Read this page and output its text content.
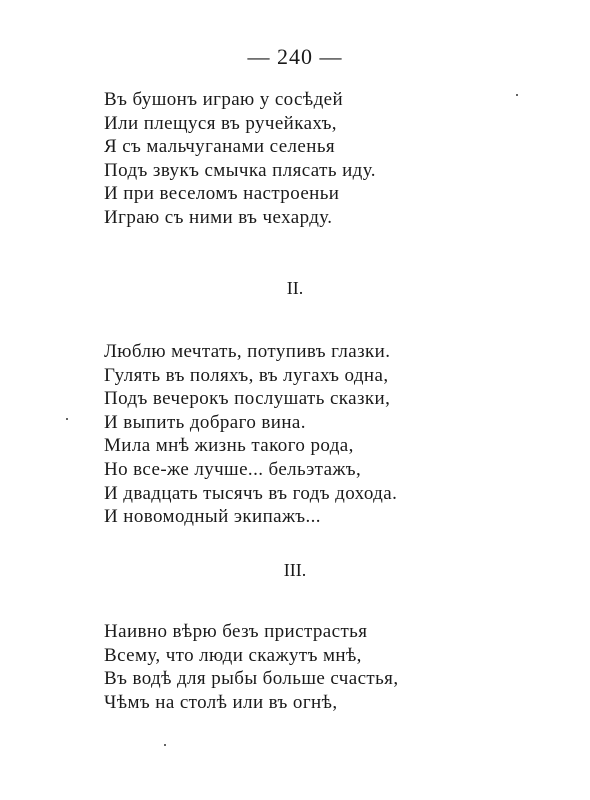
— 240 —
Въ бушонъ играю у сосѣдей
Или плещуся въ ручейкахъ,
Я съ мальчуганами селенья
Подъ звукъ смычка плясать иду.
И при веселомъ настроеньи
Играю съ ними въ чехарду.
II.
Люблю мечтать, потупивъ глазки.
Гулять въ поляхъ, въ лугахъ одна,
Подъ вечерокъ послушать сказки,
И выпить добраго вина.
Мила мнѣ жизнь такого рода,
Но все-же лучше... бельэтажъ,
И двадцать тысячъ въ годъ дохода.
И новомодный экипажъ...
III.
Наивно вѣрю безъ пристрастья
Всему, что люди скажутъ мнѣ,
Въ водѣ для рыбы больше счастья,
Чѣмъ на столѣ или въ огнѣ,
